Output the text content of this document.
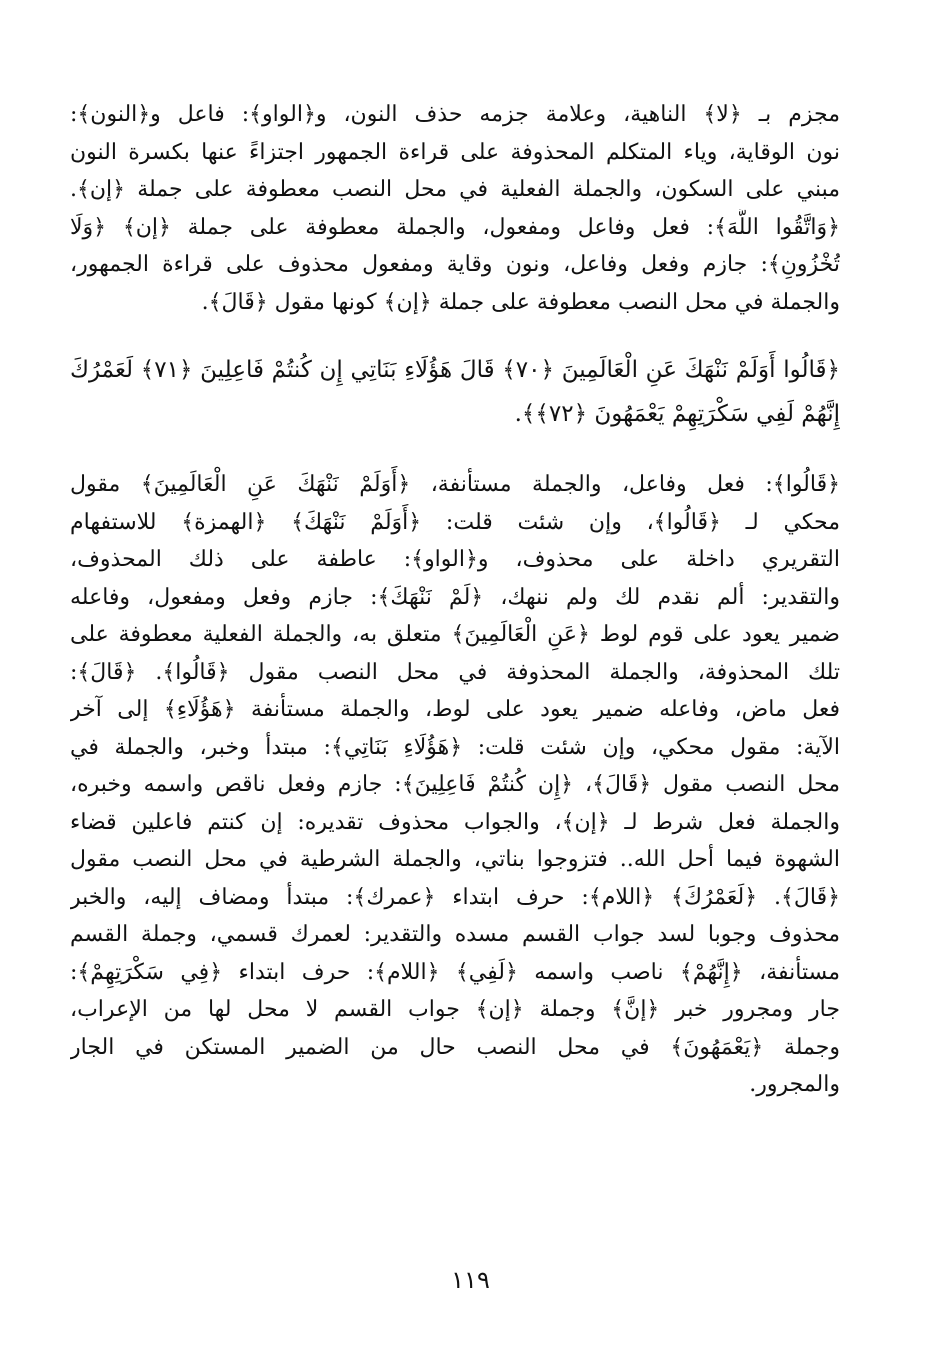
مجزم بـ ﴿لا﴾ الناهية، وعلامة جزمه حذف النون، و﴿الواو﴾: فاعل و﴿النون﴾:
نون الوقاية، وياء المتكلم المحذوفة على قراءة الجمهور اجتزاءً عنها بكسرة النون
مبني على السكون، والجملة الفعلية في محل النصب معطوفة على جملة ﴿إن﴾.
﴿وَاتَّقُوا اللَّهَ﴾: فعل وفاعل ومفعول، والجملة معطوفة على جملة ﴿إن﴾ ﴿وَلَا
تُخْزُونِ﴾: جازم وفعل وفاعل، ونون وقاية ومفعول محذوف على قراءة الجمهور،
والجملة في محل النصب معطوفة على جملة ﴿إن﴾ كونها مقول ﴿قَالَ﴾.

﴿قَالُوا أَوَلَمْ نَنْهَكَ عَنِ الْعَالَمِينَ ﴿٧٠﴾ قَالَ هَؤُلَاءِ بَنَاتِي إِن كُنتُمْ فَاعِلِينَ ﴿٧١﴾ لَعَمْرُكَ
إِنَّهُمْ لَفِي سَكْرَتِهِمْ يَعْمَهُونَ ﴿٧٢﴾﴾.

﴿قَالُوا﴾: فعل وفاعل، والجملة مستأنفة، ﴿أَوَلَمْ نَنْهَكَ عَنِ الْعَالَمِينَ﴾ مقول
محكي لـ ﴿قَالُوا﴾، وإن شئت قلت: ﴿أَوَلَمْ نَنْهَكَ﴾ ﴿الهمزة﴾ للاستفهام
التقريري داخلة على محذوف، و﴿الواو﴾: عاطفة على ذلك المحذوف،
والتقدير: ألم نقدم لك ولم ننهك، ﴿لَمْ نَنْهَكَ﴾: جازم وفعل ومفعول، وفاعله
ضمير يعود على قوم لوط ﴿عَنِ الْعَالَمِينَ﴾ متعلق به، والجملة الفعلية معطوفة على
تلك المحذوفة، والجملة المحذوفة في محل النصب مقول ﴿قَالُوا﴾. ﴿قَالَ﴾:
فعل ماض، وفاعله ضمير يعود على لوط، والجملة مستأنفة ﴿هَؤُلَاءِ﴾ إلى آخر
الآية: مقول محكي، وإن شئت قلت: ﴿هَؤُلَاءِ بَنَاتِي﴾: مبتدأ وخبر، والجملة في
محل النصب مقول ﴿قَالَ﴾، ﴿إِن كُنتُمْ فَاعِلِينَ﴾: جازم وفعل ناقص واسمه وخبره،
والجملة فعل شرط لـ ﴿إن﴾، والجواب محذوف تقديره: إن كنتم فاعلين قضاء
الشهوة فيما أحل الله.. فتزوجوا بناتي، والجملة الشرطية في محل النصب مقول
﴿قَالَ﴾. ﴿لَعَمْرُكَ﴾ ﴿اللام﴾: حرف ابتداء ﴿عمرك﴾: مبتدأ ومضاف إليه، والخبر
محذوف وجوبا لسد جواب القسم مسده والتقدير: لعمرك قسمي، وجملة القسم
مستأنفة، ﴿إِنَّهُمْ﴾ ناصب واسمه ﴿لَفِي﴾ ﴿اللام﴾: حرف ابتداء ﴿فِي سَكْرَتِهِمْ﴾:
جار ومجرور خبر ﴿إنَّ﴾ وجملة ﴿إن﴾ جواب القسم لا محل لها من الإعراب،
وجملة ﴿يَعْمَهُونَ﴾ في محل النصب حال من الضمير المستكن في الجار
والمجرور.

١١٩
